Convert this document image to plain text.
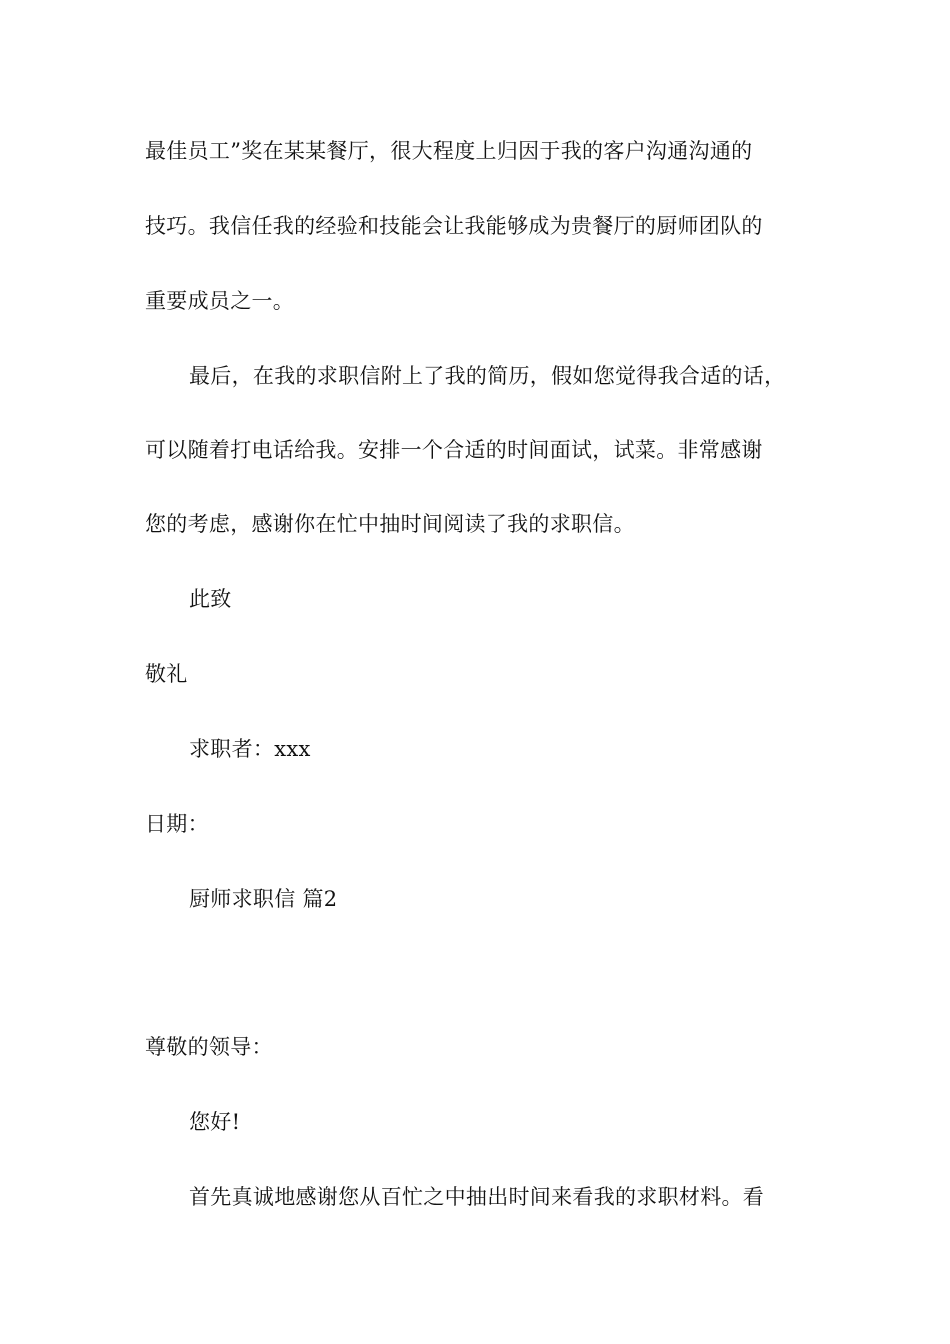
最佳员工”奖在某某餐厅，很大程度上归因于我的客户沟通沟通的
技巧。我信任我的经验和技能会让我能够成为贵餐厅的厨师团队的
重要成员之一。
最后，在我的求职信附上了我的简历，假如您觉得我合适的话，
可以随着打电话给我。安排一个合适的时间面试，试菜。非常感谢
您的考虑，感谢你在忙中抽时间阅读了我的求职信。
此致
敬礼
求职者：xxx
日期：
厨师求职信 篇2
尊敬的领导：
您好!
首先真诚地感谢您从百忙之中抽出时间来看我的求职材料。看
